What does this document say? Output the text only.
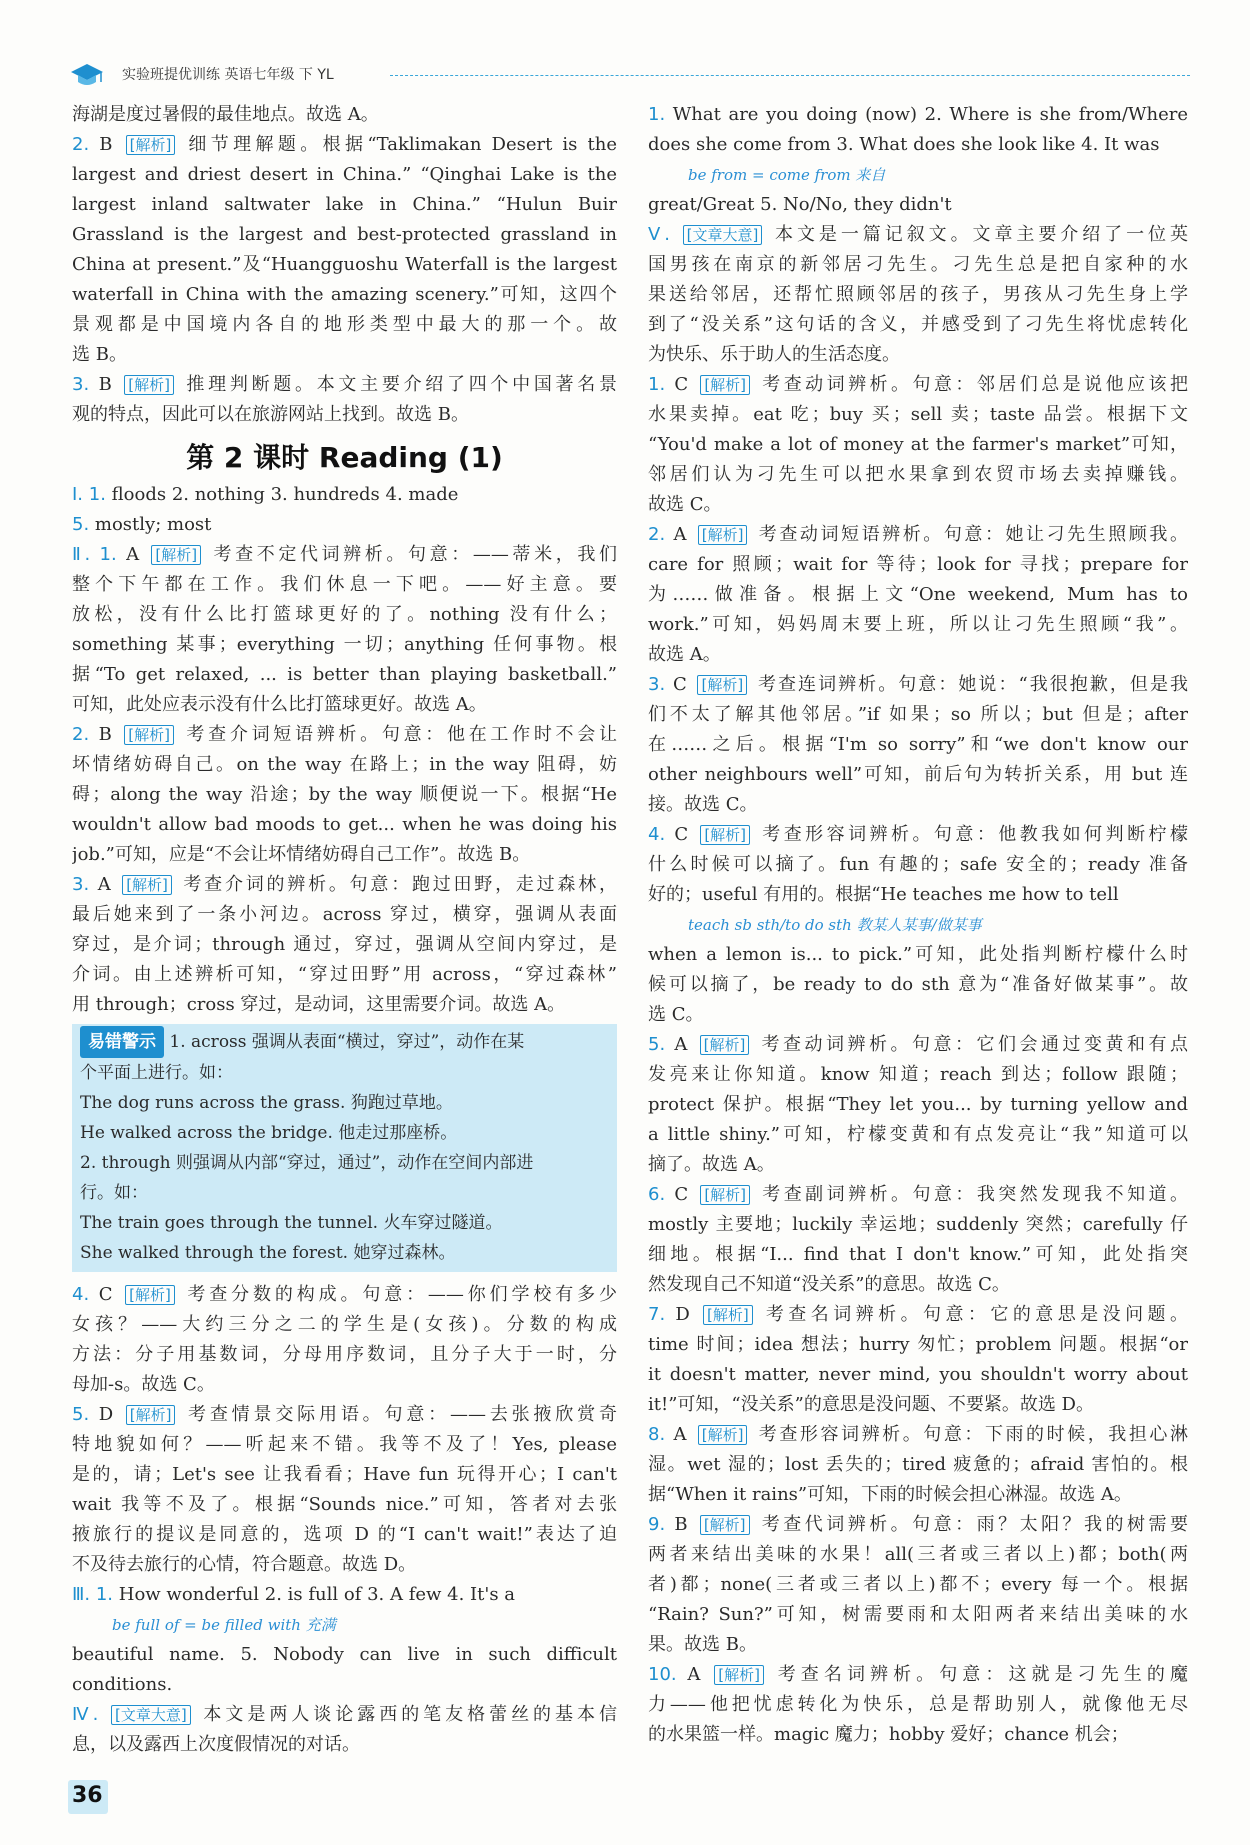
实验班提优训练 英语七年级 下 YL

海湖是度过暑假的最佳地点。故选 A。

2. B [解析] 细节理解题。根据“Taklimakan Desert is the

largest and driest desert in China.” “Qinghai Lake is the

largest inland saltwater lake in China.” “Hulun Buir

Grassland is the largest and best-protected grassland in

China at present.”及“Huangguoshu Waterfall is the largest

waterfall in China with the amazing scenery.”可知，这四个

景观都是中国境内各自的地形类型中最大的那一个。故

选 B。

3. B [解析] 推理判断题。本文主要介绍了四个中国著名景

观的特点，因此可以在旅游网站上找到。故选 B。

第 2 课时 Reading (1)

Ⅰ. 1. floods 2. nothing 3. hundreds 4. made

5. mostly; most

Ⅱ. 1. A [解析] 考查不定代词辨析。句意：——蒂米，我们

整个下午都在工作。我们休息一下吧。——好主意。要

放松，没有什么比打篮球更好的了。nothing 没有什么；

something 某事；everything 一切；anything 任何事物。根

据“To get relaxed, ... is better than playing basketball.”

可知，此处应表示没有什么比打篮球更好。故选 A。

2. B [解析] 考查介词短语辨析。句意：他在工作时不会让

坏情绪妨碍自己。on the way 在路上；in the way 阻碍，妨

碍；along the way 沿途；by the way 顺便说一下。根据“He

wouldn't allow bad moods to get... when he was doing his

job.”可知，应是“不会让坏情绪妨碍自己工作”。故选 B。

3. A [解析] 考查介词的辨析。句意：跑过田野，走过森林，

最后她来到了一条小河边。across 穿过，横穿，强调从表面

穿过，是介词；through 通过，穿过，强调从空间内穿过，是

介词。由上述辨析可知，“穿过田野”用 across，“穿过森林”

用 through；cross 穿过，是动词，这里需要介词。故选 A。

易错警示 1. across 强调从表面“横过，穿过”，动作在某

个平面上进行。如：

The dog runs across the grass. 狗跑过草地。

He walked across the bridge. 他走过那座桥。

2. through 则强调从内部“穿过，通过”，动作在空间内部进

行。如：

The train goes through the tunnel. 火车穿过隧道。

She walked through the forest. 她穿过森林。

4. C [解析] 考查分数的构成。句意：——你们学校有多少

女孩？——大约三分之二的学生是(女孩)。分数的构成

方法：分子用基数词，分母用序数词，且分子大于一时，分

母加-s。故选 C。

5. D [解析] 考查情景交际用语。句意：——去张掖欣赏奇

特地貌如何？——听起来不错。我等不及了！Yes, please

是的，请；Let's see 让我看看；Have fun 玩得开心；I can't

wait 我等不及了。根据“Sounds nice.”可知，答者对去张

掖旅行的提议是同意的，选项 D 的“I can't wait!”表达了迫

不及待去旅行的心情，符合题意。故选 D。

Ⅲ. 1. How wonderful 2. is full of 3. A few 4. It's a

be full of = be filled with 充满

beautiful name. 5. Nobody can live in such difficult

conditions.

Ⅳ. [文章大意] 本文是两人谈论露西的笔友格蕾丝的基本信

息，以及露西上次度假情况的对话。

1. What are you doing (now) 2. Where is she from/Where

does she come from 3. What does she look like 4. It was

be from = come from 来自

great/Great 5. No/No, they didn't

Ⅴ. [文章大意] 本文是一篇记叙文。文章主要介绍了一位英

国男孩在南京的新邻居刁先生。刁先生总是把自家种的水

果送给邻居，还帮忙照顾邻居的孩子，男孩从刁先生身上学

到了“没关系”这句话的含义，并感受到了刁先生将忧虑转化

为快乐、乐于助人的生活态度。

1. C [解析] 考查动词辨析。句意：邻居们总是说他应该把

水果卖掉。eat 吃；buy 买；sell 卖；taste 品尝。根据下文

“You'd make a lot of money at the farmer's market”可知，

邻居们认为刁先生可以把水果拿到农贸市场去卖掉赚钱。

故选 C。

2. A [解析] 考查动词短语辨析。句意：她让刁先生照顾我。

care for 照顾；wait for 等待；look for 寻找；prepare for

为……做准备。根据上文“One weekend, Mum has to

work.”可知，妈妈周末要上班，所以让刁先生照顾“我”。

故选 A。

3. C [解析] 考查连词辨析。句意：她说：“我很抱歉，但是我

们不太了解其他邻居。”if 如果；so 所以；but 但是；after

在……之后。根据“I'm so sorry”和“we don't know our

other neighbours well”可知，前后句为转折关系，用 but 连

接。故选 C。

4. C [解析] 考查形容词辨析。句意：他教我如何判断柠檬

什么时候可以摘了。fun 有趣的；safe 安全的；ready 准备

好的；useful 有用的。根据“He teaches me how to tell

teach sb sth/to do sth 教某人某事/做某事

when a lemon is... to pick.”可知，此处指判断柠檬什么时

候可以摘了，be ready to do sth 意为“准备好做某事”。故

选 C。

5. A [解析] 考查动词辨析。句意：它们会通过变黄和有点

发亮来让你知道。know 知道；reach 到达；follow 跟随；

protect 保护。根据“They let you... by turning yellow and

a little shiny.”可知，柠檬变黄和有点发亮让“我”知道可以

摘了。故选 A。

6. C [解析] 考查副词辨析。句意：我突然发现我不知道。

mostly 主要地；luckily 幸运地；suddenly 突然；carefully 仔

细地。根据“I... find that I don't know.”可知，此处指突

然发现自己不知道“没关系”的意思。故选 C。

7. D [解析] 考查名词辨析。句意：它的意思是没问题。

time 时间；idea 想法；hurry 匆忙；problem 问题。根据“or

it doesn't matter, never mind, you shouldn't worry about

it!”可知，“没关系”的意思是没问题、不要紧。故选 D。

8. A [解析] 考查形容词辨析。句意：下雨的时候，我担心淋

湿。wet 湿的；lost 丢失的；tired 疲惫的；afraid 害怕的。根

据“When it rains”可知，下雨的时候会担心淋湿。故选 A。

9. B [解析] 考查代词辨析。句意：雨？太阳？我的树需要

两者来结出美味的水果！all(三者或三者以上)都；both(两

者)都；none(三者或三者以上)都不；every 每一个。根据

“Rain? Sun?”可知，树需要雨和太阳两者来结出美味的水

果。故选 B。

10. A [解析] 考查名词辨析。句意：这就是刁先生的魔

力——他把忧虑转化为快乐，总是帮助别人，就像他无尽

的水果篮一样。magic 魔力；hobby 爱好；chance 机会；

36
